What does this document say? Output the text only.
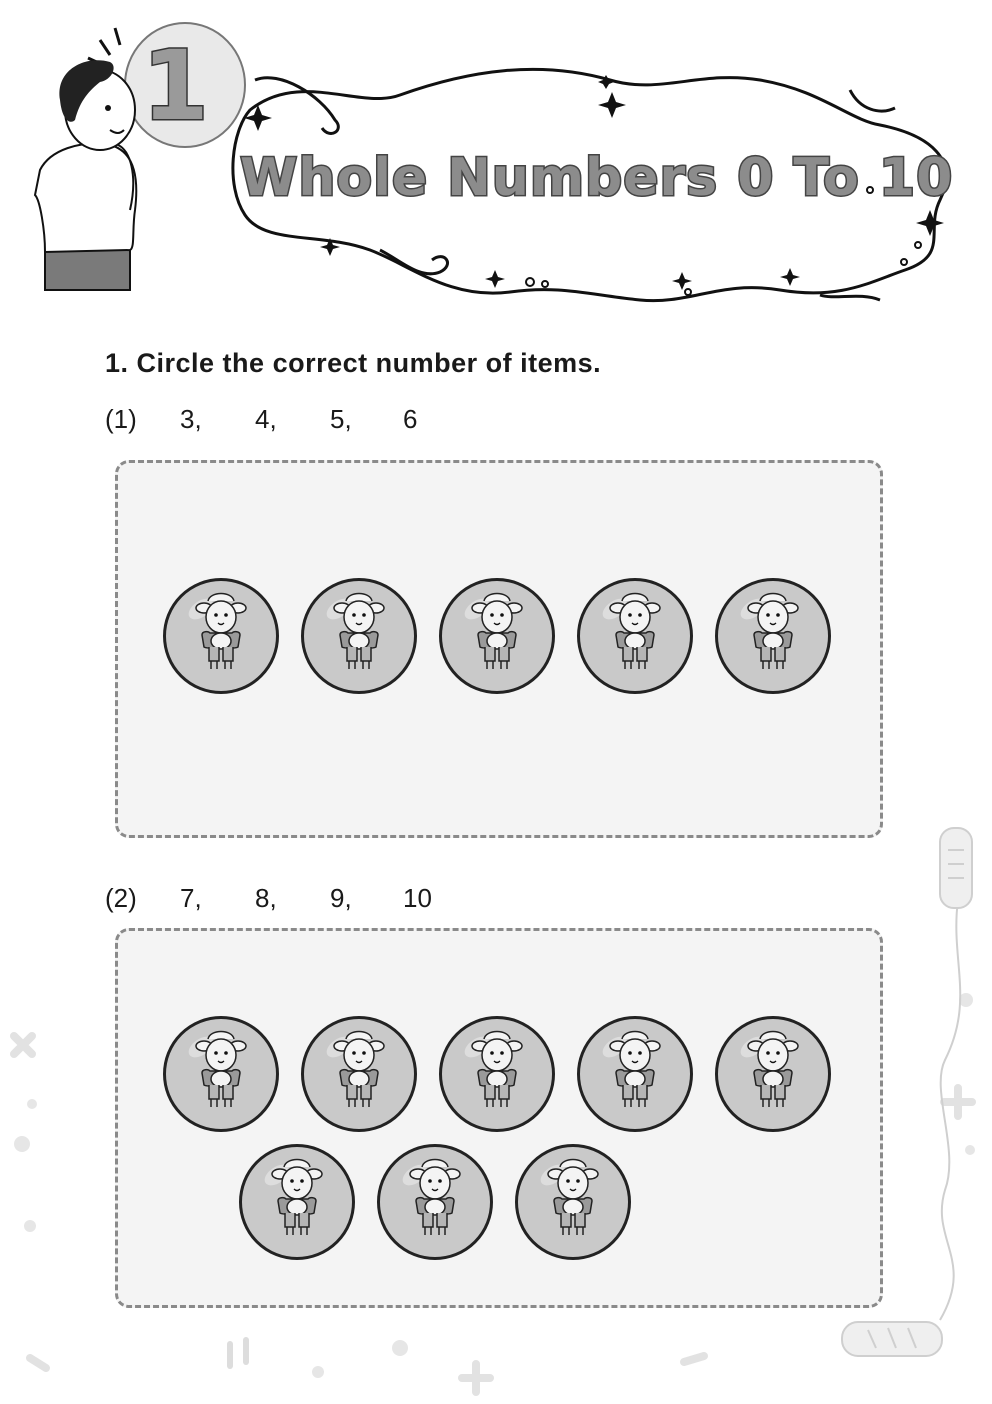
1
Whole Numbers 0 To 10
1. Circle the correct number of items.
(1) 3, 4, 5, 6
(2) 7, 8, 9, 10
